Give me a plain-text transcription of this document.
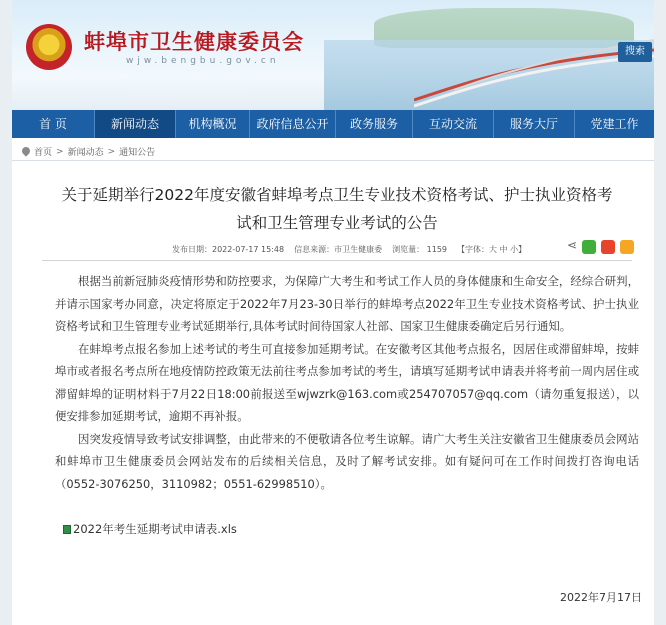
蚌埠市卫生健康委员会
wjw.bengbu.gov.cn
搜索
首 页	新闻动态	机构概况	政府信息公开	政务服务	互动交流	服务大厅	党建工作
首页 > 新闻动态 > 通知公告
关于延期举行2022年度安徽省蚌埠考点卫生专业技术资格考试、护士执业资格考
试和卫生管理专业考试的公告
发布日期：2022-07-17 15:48 信息来源：市卫生健康委 浏览量： 1159 【字体：大 中 小】
⋖

根据当前新冠肺炎疫情形势和防控要求，为保障广大考生和考试工作人员的身体健康和生命安全，经综合研判，并请示国家考办同意，决定将原定于2022年7月23-30日举行的蚌埠考点2022年卫生专业技术资格考试、护士执业资格考试和卫生管理专业考试延期举行,具体考试时间待国家人社部、国家卫生健康委确定后另行通知。

在蚌埠考点报名参加上述考试的考生可直接参加延期考试。在安徽考区其他考点报名，因居住或滞留蚌埠，按蚌埠市或者报名考点所在地疫情防控政策无法前往考点参加考试的考生，请填写延期考试申请表并将考前一周内居住或滞留蚌埠的证明材料于7月22日18:00前报送至wjwzrk@163.com或254707057@qq.com（请勿重复报送），以便安排参加延期考试，逾期不再补报。

因突发疫情导致考试安排调整，由此带来的不便敬请各位考生谅解。请广大考生关注安徽省卫生健康委员会网站和蚌埠市卫生健康委员会网站发布的后续相关信息，及时了解考试安排。如有疑问可在工作时间拨打咨询电话（0552-3076250，3110982；0551-62998510）。

2022年考生延期考试申请表.xls
2022年7月17日
